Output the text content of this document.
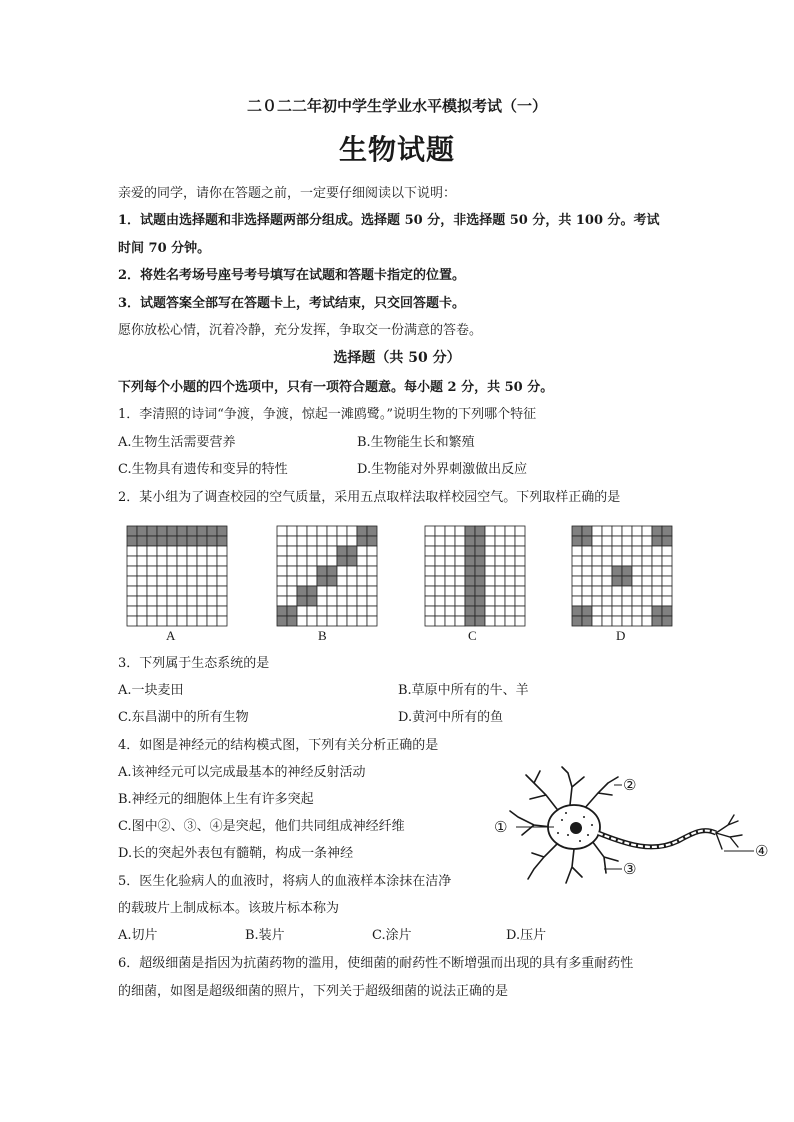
二０二二年初中学生学业水平模拟考试（一）
生物试题
亲爱的同学，请你在答题之前，一定要仔细阅读以下说明：
1．试题由选择题和非选择题两部分组成。选择题 50 分，非选择题 50 分，共 100 分。考试
时间 70 分钟。
2．将姓名考场号座号考号填写在试题和答题卡指定的位置。
3．试题答案全部写在答题卡上，考试结束，只交回答题卡。
愿你放松心情，沉着冷静，充分发挥，争取交一份满意的答卷。
选择题（共 50 分）
下列每个小题的四个选项中，只有一项符合题意。每小题 2 分，共 50 分。
1．李清照的诗词“争渡，争渡，惊起一滩鸥鹭。”说明生物的下列哪个特征
A.生物生活需要营养	B.生物能生长和繁殖
C.生物具有遗传和变异的特性	D.生物能对外界刺激做出反应
2．某小组为了调查校园的空气质量，采用五点取样法取样校园空气。下列取样正确的是
A	B	C	D
3．下列属于生态系统的是
A.一块麦田	B.草原中所有的牛、羊
C.东昌湖中的所有生物	D.黄河中所有的鱼
4．如图是神经元的结构模式图，下列有关分析正确的是
A.该神经元可以完成最基本的神经反射活动
B.神经元的细胞体上生有许多突起
C.图中②、③、④是突起，他们共同组成神经纤维
D.长的突起外表包有髓鞘，构成一条神经
①
②
③
④
5．医生化验病人的血液时，将病人的血液样本涂抹在洁净
的载玻片上制成标本。该玻片标本称为
A.切片	B.装片	C.涂片	D.压片
6．超级细菌是指因为抗菌药物的滥用，使细菌的耐药性不断增强而出现的具有多重耐药性
的细菌，如图是超级细菌的照片，下列关于超级细菌的说法正确的是
